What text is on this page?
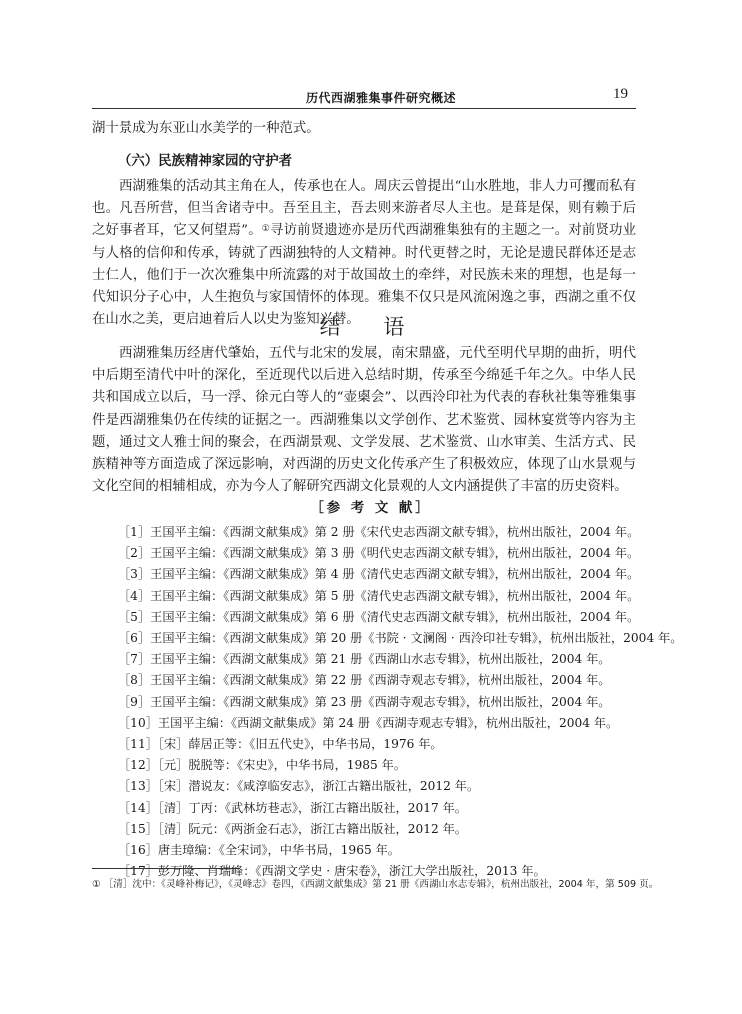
历代西湖雅集事件研究概述	19
湖十景成为东亚山水美学的一种范式。
（六）民族精神家园的守护者
西湖雅集的活动其主角在人，传承也在人。周庆云曾提出“山水胜地，非人力可攫而私有也。凡吾所营，但当舍诸寺中。吾至且主，吾去则来游者尽人主也。是葺是保，则有赖于后之好事者耳，它又何望焉”。①寻访前贤遗迹亦是历代西湖雅集独有的主题之一。对前贤功业与人格的信仰和传承，铸就了西湖独特的人文精神。时代更替之时，无论是遗民群体还是志士仁人，他们于一次次雅集中所流露的对于故国故土的牵绊，对民族未来的理想，也是每一代知识分子心中，人生抱负与家国情怀的体现。雅集不仅只是风流闲逸之事，西湖之重不仅在山水之美，更启迪着后人以史为鉴知兴替。
结 语
西湖雅集历经唐代肇始，五代与北宋的发展，南宋鼎盛，元代至明代早期的曲折，明代中后期至清代中叶的深化，至近现代以后进入总结时期，传承至今绵延千年之久。中华人民共和国成立以后，马一浮、徐元白等人的“壶㮚会”、以西泠印社为代表的春秋社集等雅集事件是西湖雅集仍在传续的证据之一。西湖雅集以文学创作、艺术鉴赏、园林宴赏等内容为主题，通过文人雅士间的聚会，在西湖景观、文学发展、艺术鉴赏、山水审美、生活方式、民族精神等方面造成了深远影响，对西湖的历史文化传承产生了积极效应，体现了山水景观与文化空间的相辅相成，亦为今人了解研究西湖文化景观的人文内涵提供了丰富的历史资料。
［参 考 文 献］
［1］王国平主编：《西湖文献集成》第 2 册《宋代史志西湖文献专辑》，杭州出版社，2004 年。
［2］王国平主编：《西湖文献集成》第 3 册《明代史志西湖文献专辑》，杭州出版社，2004 年。
［3］王国平主编：《西湖文献集成》第 4 册《清代史志西湖文献专辑》，杭州出版社，2004 年。
［4］王国平主编：《西湖文献集成》第 5 册《清代史志西湖文献专辑》，杭州出版社，2004 年。
［5］王国平主编：《西湖文献集成》第 6 册《清代史志西湖文献专辑》，杭州出版社，2004 年。
［6］王国平主编：《西湖文献集成》第 20 册《书院 · 文澜阁 · 西泠印社专辑》，杭州出版社，2004 年。
［7］王国平主编：《西湖文献集成》第 21 册《西湖山水志专辑》，杭州出版社，2004 年。
［8］王国平主编：《西湖文献集成》第 22 册《西湖寺观志专辑》，杭州出版社，2004 年。
［9］王国平主编：《西湖文献集成》第 23 册《西湖寺观志专辑》，杭州出版社，2004 年。
［10］王国平主编：《西湖文献集成》第 24 册《西湖寺观志专辑》，杭州出版社，2004 年。
［11］［宋］薛居正等：《旧五代史》，中华书局，1976 年。
［12］［元］脱脱等：《宋史》，中华书局，1985 年。
［13］［宋］潜说友：《咸淳临安志》，浙江古籍出版社，2012 年。
［14］［清］丁丙：《武林坊巷志》，浙江古籍出版社，2017 年。
［15］［清］阮元：《两浙金石志》，浙江古籍出版社，2012 年。
［16］唐圭璋编：《全宋词》，中华书局，1965 年。
［17］彭万隆、肖瑞峰：《西湖文学史 · 唐宋卷》，浙江大学出版社，2013 年。
① ［清］沈中：《灵峰补梅记》，《灵峰志》卷四，《西湖文献集成》第 21 册《西湖山水志专辑》，杭州出版社，2004 年，第 509 页。
